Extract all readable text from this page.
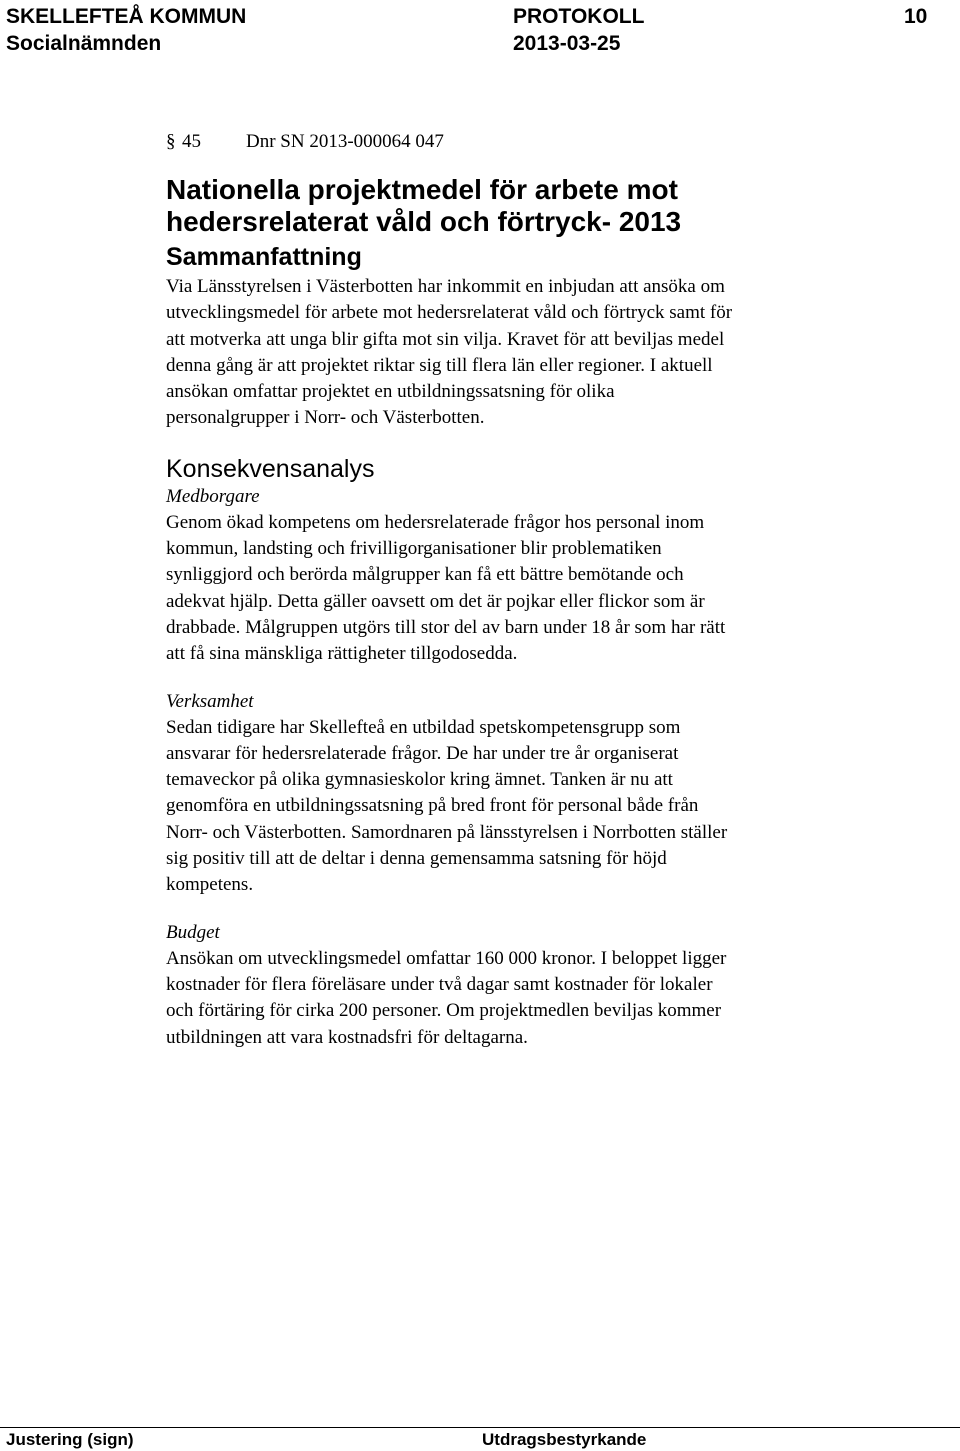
SKELLEFTEÅ KOMMUN
Socialnämnden
PROTOKOLL
2013-03-25
10
§ 45	Dnr SN 2013-000064 047
Nationella projektmedel för arbete mot
hedersrelaterat våld och förtryck- 2013
Sammanfattning
Via Länsstyrelsen i Västerbotten har inkommit en inbjudan att ansöka om
utvecklingsmedel för arbete mot hedersrelaterat våld och förtryck samt för
att motverka att unga blir gifta mot sin vilja. Kravet för att beviljas medel
denna gång är att projektet riktar sig till flera län eller regioner. I aktuell
ansökan omfattar projektet en utbildningssatsning för olika
personalgrupper i Norr- och Västerbotten.
Konsekvensanalys
Medborgare
Genom ökad kompetens om hedersrelaterade frågor hos personal inom
kommun, landsting och frivilligorganisationer blir problematiken
synliggjord och berörda målgrupper kan få ett bättre bemötande och
adekvat hjälp. Detta gäller oavsett om det är pojkar eller flickor som är
drabbade. Målgruppen utgörs till stor del av barn under 18 år som har rätt
att få sina mänskliga rättigheter tillgodosedda.
Verksamhet
Sedan tidigare har Skellefteå en utbildad spetskompetensgrupp som
ansvarar för hedersrelaterade frågor. De har under tre år organiserat
temaveckor på olika gymnasieskolor kring ämnet. Tanken är nu att
genomföra en utbildningssatsning på bred front för personal både från
Norr- och Västerbotten. Samordnaren på länsstyrelsen i Norrbotten ställer
sig positiv till att de deltar i denna gemensamma satsning för höjd
kompetens.
Budget
Ansökan om utvecklingsmedel omfattar 160 000 kronor. I beloppet ligger
kostnader för flera föreläsare under två dagar samt kostnader för lokaler
och förtäring för cirka 200 personer. Om projektmedlen beviljas kommer
utbildningen att vara kostnadsfri för deltagarna.
Justering (sign)	Utdragsbestyrkande
